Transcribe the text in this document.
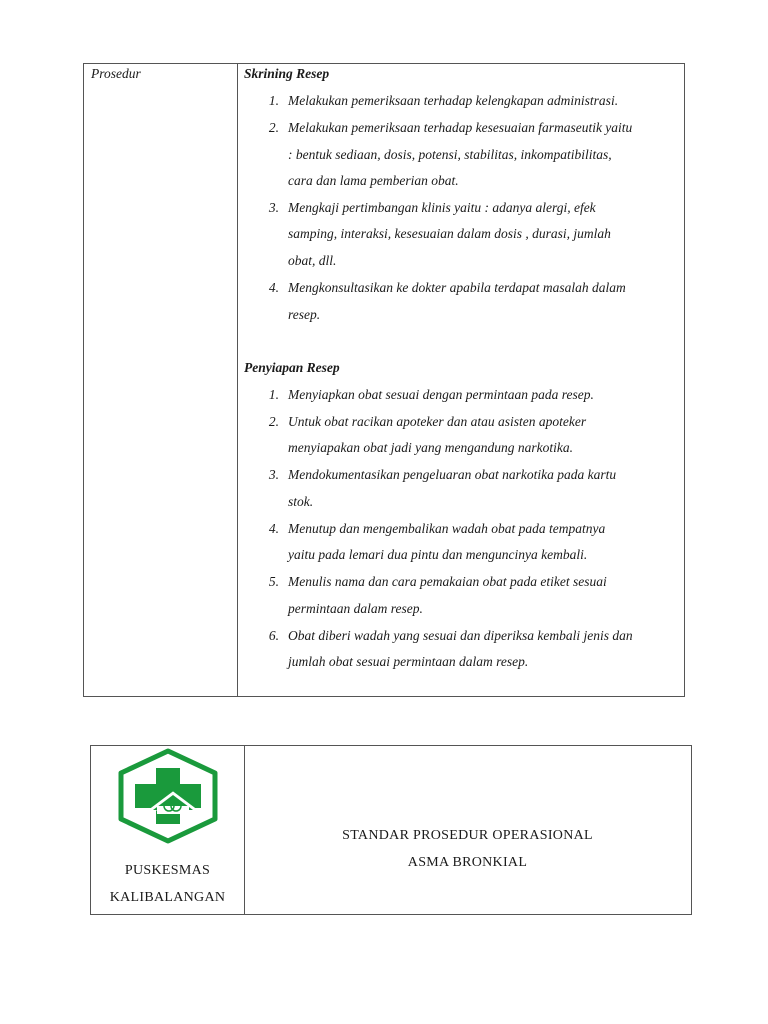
Prosedur	Skrining Resep
1. Melakukan pemeriksaan terhadap kelengkapan administrasi.
2. Melakukan pemeriksaan terhadap kesesuaian farmaseutik yaitu
: bentuk sediaan, dosis, potensi, stabilitas, inkompatibilitas,
cara dan lama pemberian obat.
3. Mengkaji pertimbangan klinis yaitu : adanya alergi, efek
samping, interaksi, kesesuaian dalam dosis , durasi, jumlah
obat, dll.
4. Mengkonsultasikan ke dokter apabila terdapat masalah dalam
resep.
Penyiapan Resep
1. Menyiapkan obat sesuai dengan permintaan pada resep.
2. Untuk obat racikan apoteker dan atau asisten apoteker
menyiapakan obat jadi yang mengandung narkotika.
3. Mendokumentasikan pengeluaran obat narkotika pada kartu
stok.
4. Menutup dan mengembalikan wadah obat pada tempatnya
yaitu pada lemari dua pintu dan menguncinya kembali.
5. Menulis nama dan cara pemakaian obat pada etiket sesuai
permintaan dalam resep.
6. Obat diberi wadah yang sesuai dan diperiksa kembali jenis dan
jumlah obat sesuai permintaan dalam resep.
PUSKESMAS
KALIBALANGAN
STANDAR PROSEDUR OPERASIONAL
ASMA BRONKIAL
